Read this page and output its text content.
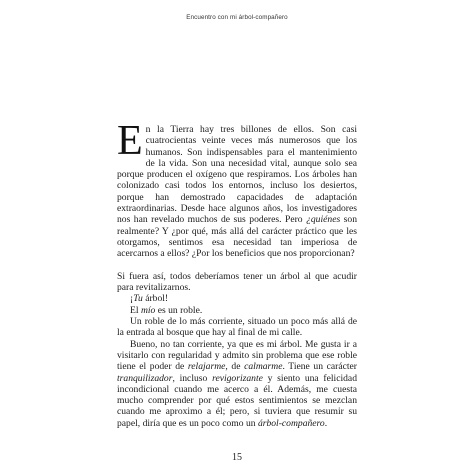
Encuentro con mi árbol-compañero

En la Tierra hay tres billones de ellos. Son casi cuatrocientas veinte veces más numerosos que los humanos. Son indispensables para el mantenimiento de la vida. Son una necesidad vital, aunque solo sea porque producen el oxígeno que respiramos. Los árboles han colonizado casi todos los entornos, incluso los desiertos, porque han demostrado capacidades de adaptación extraordinarias. Desde hace algunos años, los investigadores nos han revelado muchos de sus poderes. Pero ¿quiénes son realmente? Y ¿por qué, más allá del carácter práctico que les otorgamos, sentimos esa necesidad tan imperiosa de acercarnos a ellos? ¿Por los beneficios que nos proporcionan?

Si fuera así, todos deberíamos tener un árbol al que acudir para revitalizarnos.

¡Tu árbol!

El mío es un roble.

Un roble de lo más corriente, situado un poco más allá de la entrada al bosque que hay al final de mi calle.

Bueno, no tan corriente, ya que es mi árbol. Me gusta ir a visitarlo con regularidad y admito sin problema que ese roble tiene el poder de relajarme, de calmarme. Tiene un carácter tranquilizador, incluso revigorizante y siento una felicidad incondicional cuando me acerco a él. Además, me cuesta mucho comprender por qué estos sentimientos se mezclan cuando me aproximo a él; pero, si tuviera que resumir su papel, diría que es un poco como un árbol-compañero.

15
